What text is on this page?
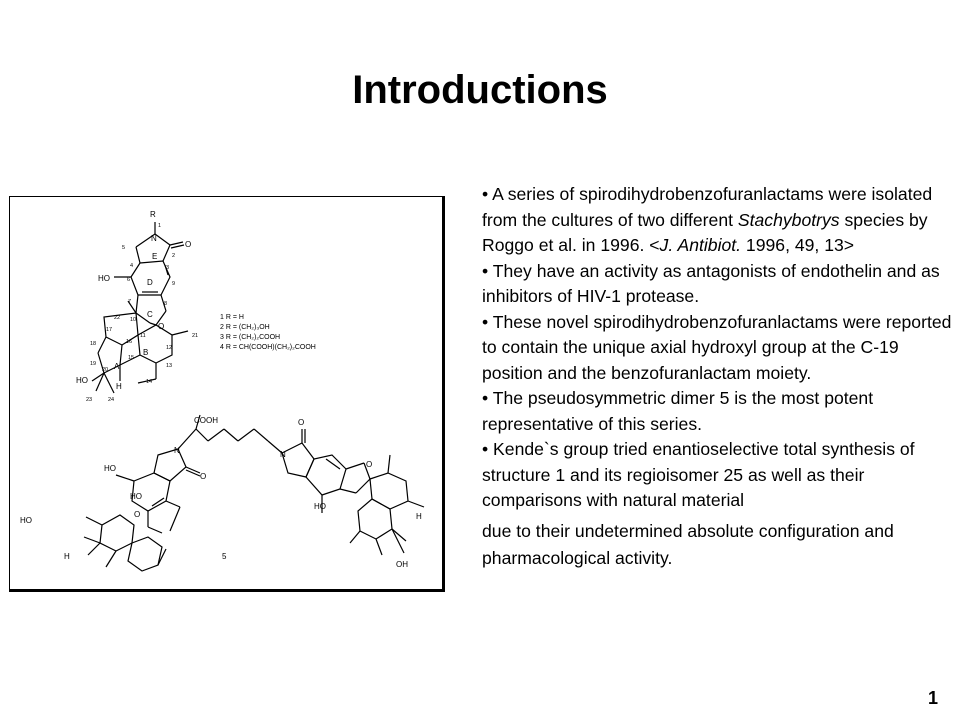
Introductions
R
N
O
E
D
C
A
B
HO
O
HO
H
1
2
3
4
5
6
7	8
9
10
11
12
13
14
15
16
17
18
19
20
21
22
23	24
1 R = H
2 R = (CH₂)₃OH
3 R = (CH₂)₂COOH
4 R = CH(COOH)(CH₂)₂COOH
COOH
N	N
O
O
HO
HO
HO
H
O
HO
O
H
OH
5

• A series of spirodihydrobenzofuranlactams were isolated from the cultures of two different Stachybotrys species by Roggo et al. in 1996. <J. Antibiot. 1996, 49, 13>

• They have an activity as antagonists of endothelin and as inhibitors of HIV-1 protease.

• These novel spirodihydrobenzofuranlactams were reported to contain the unique axial hydroxyl group at the C-19 position and the benzofuranlactam moiety.

• The pseudosymmetric dimer 5 is the most potent representative of this series.

• Kende`s group tried enantioselective total synthesis of structure 1 and its regioisomer 25 as well as their comparisons with natural material

due to their undetermined absolute configuration and pharmacological activity.

1
